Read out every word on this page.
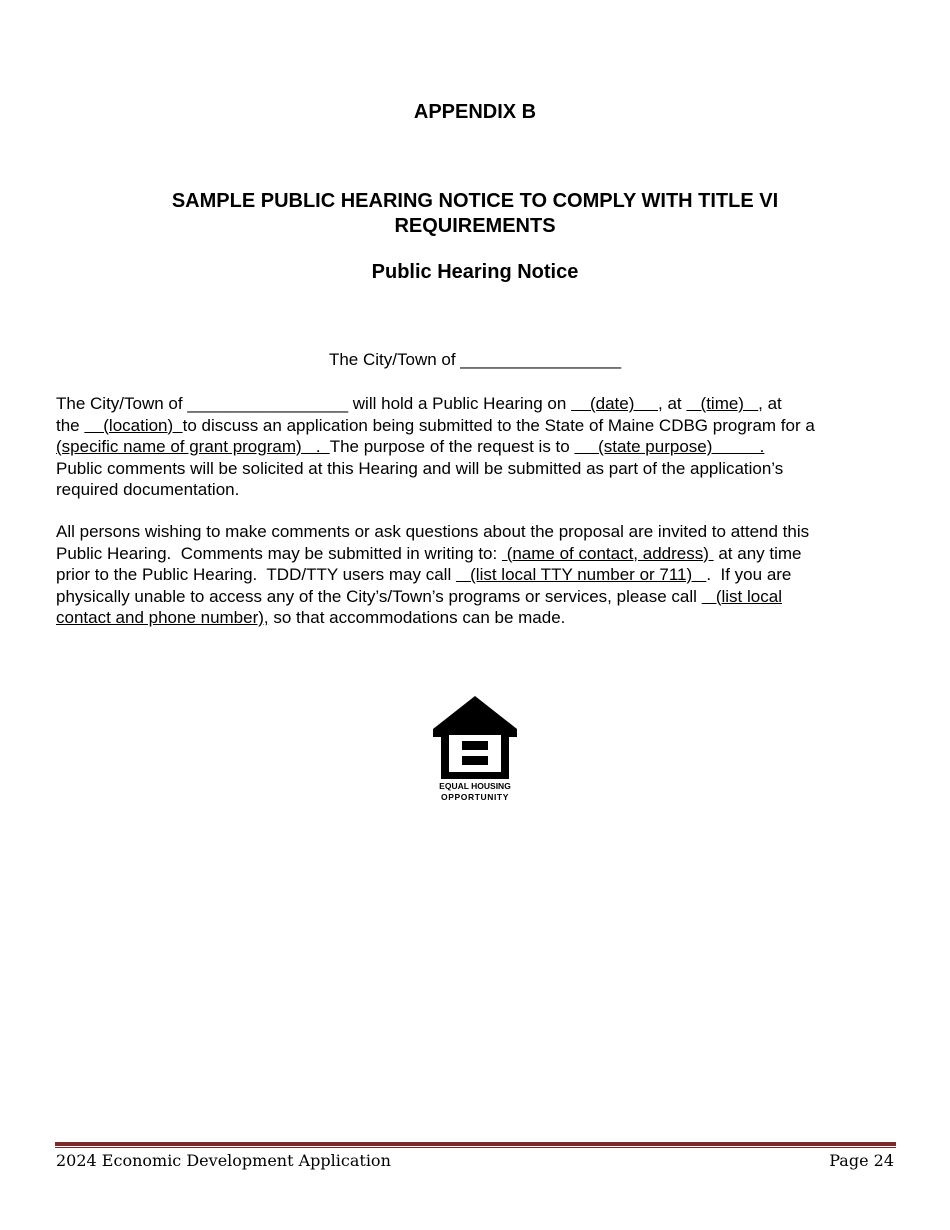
APPENDIX B
SAMPLE PUBLIC HEARING NOTICE TO COMPLY WITH TITLE VI
REQUIREMENTS
Public Hearing Notice
The City/Town of _________________
The City/Town of _________________ will hold a Public Hearing on     (date)     , at    (time)   , at
the     (location)  to discuss an application being submitted to the State of Maine CDBG program for a
(specific name of grant program)   .  The purpose of the request is to      (state purpose)          .
Public comments will be solicited at this Hearing and will be submitted as part of the application’s
required documentation.
All persons wishing to make comments or ask questions about the proposal are invited to attend this
Public Hearing.  Comments may be submitted in writing to:  (name of contact, address)  at any time
prior to the Public Hearing.  TDD/TTY users may call    (list local TTY number or 711)   .  If you are
physically unable to access any of the City’s/Town’s programs or services, please call    (list local
contact and phone number), so that accommodations can be made.
EQUAL HOUSING
OPPORTUNITY
2024 Economic Development Application	Page 24
